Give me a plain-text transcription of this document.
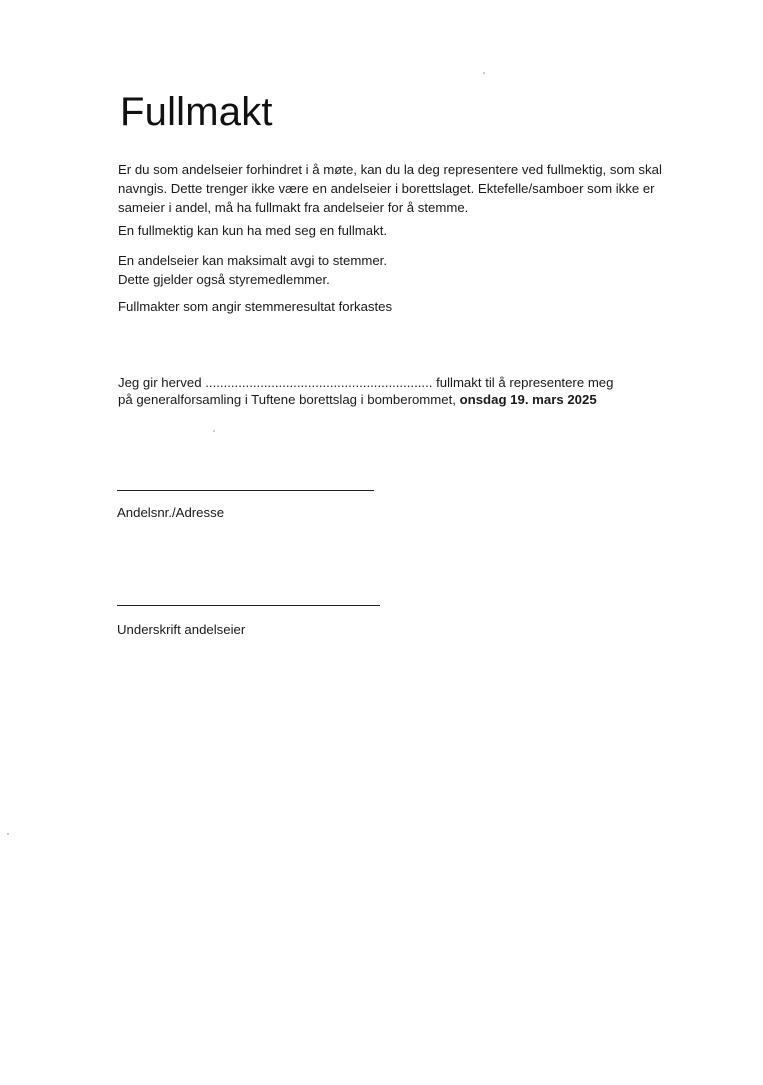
Fullmakt
Er du som andelseier forhindret i å møte, kan du la deg representere ved fullmektig, som skal
navngis. Dette trenger ikke være en andelseier i borettslaget. Ektefelle/samboer som ikke er
sameier i andel, må ha fullmakt fra andelseier for å stemme.

En fullmektig kan kun ha med seg en fullmakt.

En andelseier kan maksimalt avgi to stemmer.
Dette gjelder også styremedlemmer.

Fullmakter som angir stemmeresultat forkastes

Jeg gir herved .............................................................. fullmakt til å representere meg
på generalforsamling i Tuftene borettslag i bomberommet, onsdag 19. mars 2025
Andelsnr./Adresse
Underskrift andelseier
